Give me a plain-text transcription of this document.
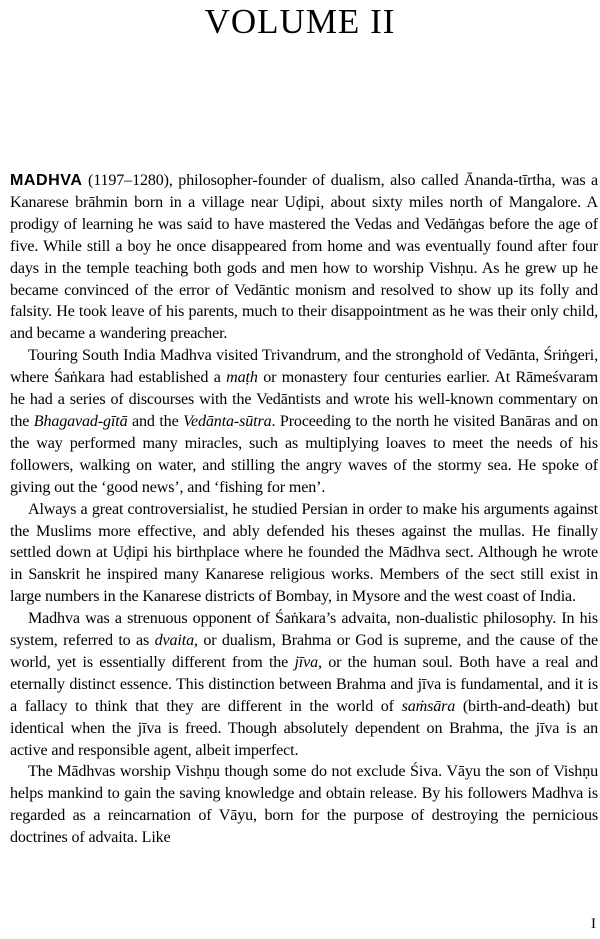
VOLUME II

MADHVA (1197–1280), philosopher-founder of dualism, also called Ānanda-tīrtha, was a Kanarese brāhmin born in a village near Uḍipi, about sixty miles north of Mangalore. A prodigy of learning he was said to have mastered the Vedas and Vedāṅgas before the age of five. While still a boy he once disappeared from home and was eventually found after four days in the temple teaching both gods and men how to worship Vishṇu. As he grew up he became convinced of the error of Vedāntic monism and resolved to show up its folly and falsity. He took leave of his parents, much to their disappointment as he was their only child, and became a wandering preacher.

Touring South India Madhva visited Trivandrum, and the stronghold of Vedānta, Śriṅgeri, where Śaṅkara had established a maṭh or monastery four centuries earlier. At Rāmeśvaram he had a series of discourses with the Vedāntists and wrote his well-known commentary on the Bhagavad-gītā and the Vedānta-sūtra. Proceeding to the north he visited Banāras and on the way performed many miracles, such as multiplying loaves to meet the needs of his followers, walking on water, and stilling the angry waves of the stormy sea. He spoke of giving out the ‘good news’, and ‘fishing for men’.

Always a great controversialist, he studied Persian in order to make his arguments against the Muslims more effective, and ably defended his theses against the mullas. He finally settled down at Uḍipi his birthplace where he founded the Mādhva sect. Although he wrote in Sanskrit he inspired many Kanarese religious works. Members of the sect still exist in large numbers in the Kanarese districts of Bombay, in Mysore and the west coast of India.

Madhva was a strenuous opponent of Śaṅkara’s advaita, non-dualistic philosophy. In his system, referred to as dvaita, or dualism, Brahma or God is supreme, and the cause of the world, yet is essentially different from the jīva, or the human soul. Both have a real and eternally distinct essence. This distinction between Brahma and jīva is fundamental, and it is a fallacy to think that they are different in the world of saṁsāra (birth-and-death) but identical when the jīva is freed. Though absolutely dependent on Brahma, the jīva is an active and responsible agent, albeit imperfect.

The Mādhvas worship Vishṇu though some do not exclude Śiva. Vāyu the son of Vishṇu helps mankind to gain the saving knowledge and obtain release. By his followers Madhva is regarded as a reincarnation of Vāyu, born for the purpose of destroying the pernicious doctrines of advaita. Like

I
